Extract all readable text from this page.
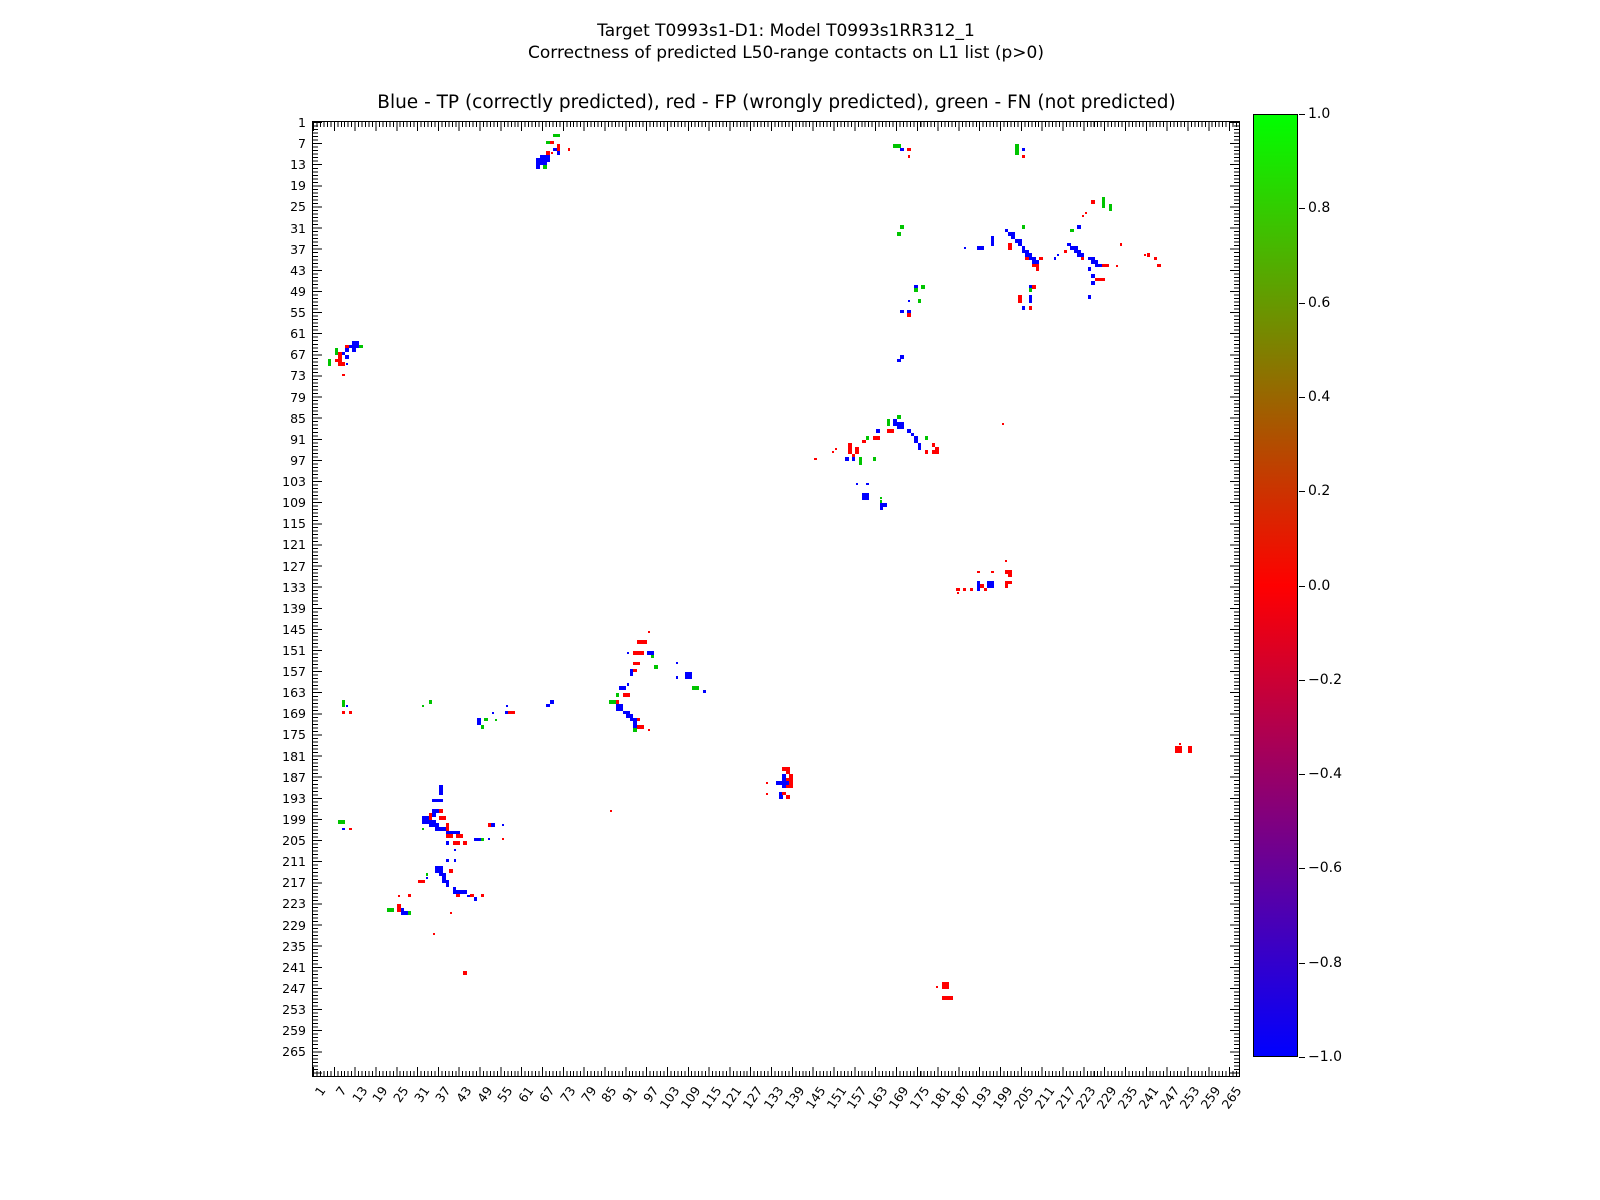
Target T0993s1-D1: Model T0993s1RR312_1
Correctness of predicted L50-range contacts on L1 list (p>0)
Blue - TP (correctly predicted), red - FP (wrongly predicted), green - FN (not predicted)
1
7
13
19
25
31
37
43
49
55
61
67
73
79
85
91
97
103
109
115
121
127
133
139
145
151
157
163
169
175
181
187
193
199
205
211
217
223
229
235
241
247
253
259
265
1 7 13 19 25 31 37 43 49 55 61 67 73 79 85 91 97
103
109
115
121
127
133
139
145
151
157
163
169
175
181
187
193
199
205
211
217
223
229
235
241
247
253
259
265
1.0
0.8
0.6
0.4
0.2
0.0
−0.2
−0.4
−0.6
−0.8
−1.0
